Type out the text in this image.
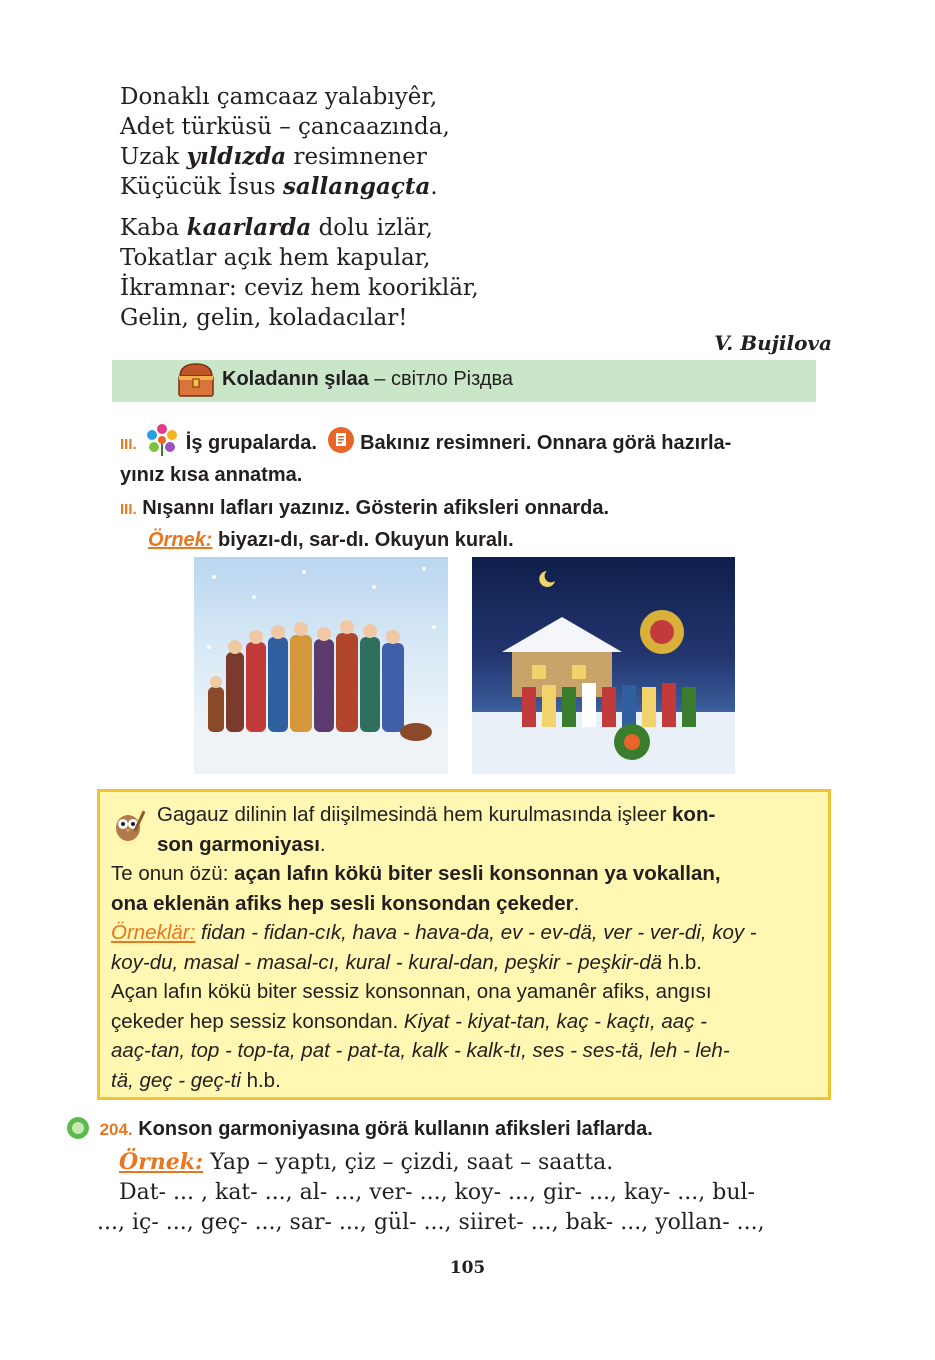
Donaklı çamcaaz yalabıyêr,
Adet türküsü – çancaazında,
Uzak yıldızda resimnener
Küçücük İsus sallangaçta.
Kaba kaarlarda dolu izlär,
Tokatlar açık hem kapular,
İkramnar: ceviz hem kooriklär,
Gelin, gelin, koladacılar!
V. Bujilova
Koladanın şılaa – світло Різдва
III. İş grupalarda. Bakınız resimneri. Onnara görä hazırla-
yınız kısa annatma.
III. Nışannı lafları yazınız. Gösterin afiksleri onnarda.
Örnek: biyazı-dı, sar-dı. Okuyun kuralı.
Gagauz dilinin laf diişilmesindä hem kurulmasında işleer kon-
son garmoniyası.
Te onun özü: açan lafın kökü biter sesli konsonnan ya vokallan,
ona eklenän afiks hep sesli konsondan çekeder.
Örneklär: fidan - fidan-cık, hava - hava-da, ev - ev-dä, ver - ver-di, koy -
koy-du, masal - masal-cı, kural - kural-dan, peşkir - peşkir-dä h.b.
Açan lafın kökü biter sessiz konsonnan, ona yamanêr afiks, angısı
çekeder hep sessiz konsondan. Kiyat - kiyat-tan, kaç - kaçtı, aaç -
aaç-tan, top - top-ta, pat - pat-ta, kalk - kalk-tı, ses - ses-tä, leh - leh-
tä, geç - geç-ti h.b.
204. Konson garmoniyasına görä kullanın afiksleri laflarda.
Örnek: Yap – yaptı, çiz – çizdi, saat – saatta.
Dat- ... , kat- ..., al- ..., ver- ..., koy- ..., gir- ..., kay- ..., bul-
..., iç- ..., geç- ..., sar- ..., gül- ..., siiret- ..., bak- ..., yollan- ...,
105
